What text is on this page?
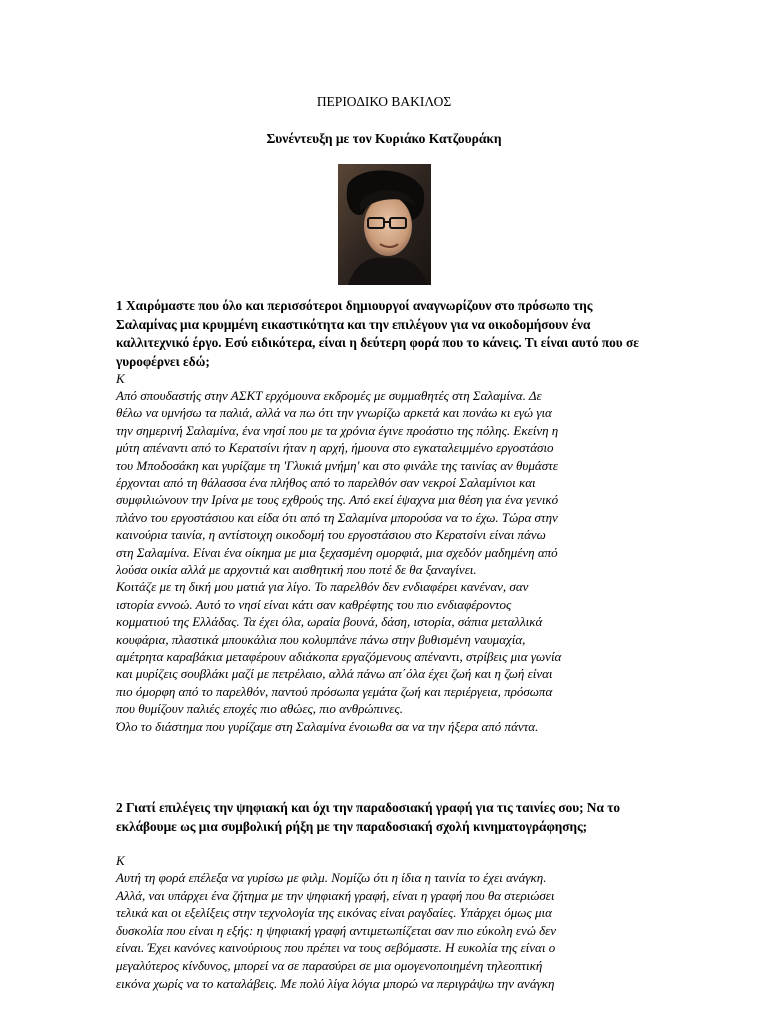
ΠΕΡΙΟΔΙΚΟ ΒΑΚΙΛΟΣ
Συνέντευξη με τον Κυριάκο Κατζουράκη
1 Χαιρόμαστε που όλο και περισσότεροι δημιουργοί αναγνωρίζουν στο πρόσωπο της Σαλαμίνας μια κρυμμένη εικαστικότητα και την επιλέγουν για να οικοδομήσουν ένα καλλιτεχνικό έργο. Εσύ ειδικότερα, είναι η δεύτερη φορά που το κάνεις. Τι είναι αυτό που σε γυροφέρνει εδώ;
Κ
Από σπουδαστής στην ΑΣΚΤ ερχόμουνα εκδρομές με συμμαθητές στη Σαλαμίνα. Δε
θέλω να υμνήσω τα παλιά, αλλά να πω ότι την γνωρίζω αρκετά και πονάω κι εγώ για
την σημερινή Σαλαμίνα, ένα νησί που με τα χρόνια έγινε προάστιο της πόλης. Εκείνη η
μύτη απέναντι από το Κερατσίνι ήταν η αρχή, ήμουνα στο εγκαταλειμμένο εργοστάσιο
του Μποδοσάκη και γυρίζαμε τη 'Γλυκιά μνήμη' και στο φινάλε της ταινίας αν θυμάστε
έρχονται από τη θάλασσα ένα πλήθος από το παρελθόν σαν νεκροί Σαλαμίνιοι και
συμφιλιώνουν την Ιρίνα με τους εχθρούς της. Από εκεί έψαχνα μια θέση για ένα γενικό
πλάνο του εργοστάσιου και είδα ότι από τη Σαλαμίνα μπορούσα να το έχω. Τώρα στην
καινούρια ταινία, η αντίστοιχη οικοδομή του εργοστάσιου στο Κερατσίνι είναι πάνω
στη Σαλαμίνα. Είναι ένα οίκημα με μια ξεχασμένη ομορφιά, μια σχεδόν μαδημένη από
λούσα οικία αλλά με αρχοντιά και αισθητική που ποτέ δε θα ξαναγίνει.
Κοιτάζε με τη δική μου ματιά για λίγο. Το παρελθόν δεν ενδιαφέρει κανέναν, σαν
ιστορία εννοώ. Αυτό το νησί είναι κάτι σαν καθρέφτης του πιο ενδιαφέροντος
κομματιού της Ελλάδας. Τα έχει όλα, ωραία βουνά, δάση, ιστορία, σάπια μεταλλικά
κουφάρια, πλαστικά μπουκάλια που κολυμπάνε πάνω στην βυθισμένη ναυμαχία,
αμέτρητα καραβάκια μεταφέρουν αδιάκοπα εργαζόμενους απέναντι, στρίβεις μια γωνία
και μυρίζεις σουβλάκι μαζί με πετρέλαιο, αλλά πάνω απ΄όλα έχει ζωή και η ζωή είναι
πιο όμορφη από το παρελθόν, παντού πρόσωπα γεμάτα ζωή και περιέργεια, πρόσωπα
που θυμίζουν παλιές εποχές πιο αθώες, πιο ανθρώπινες.
Όλο το διάστημα που γυρίζαμε στη Σαλαμίνα ένοιωθα σα να την ήξερα από πάντα.
2 Γιατί επιλέγεις την ψηφιακή και όχι την παραδοσιακή γραφή για τις ταινίες σου; Να το εκλάβουμε ως μια συμβολική ρήξη με την παραδοσιακή σχολή κινηματογράφησης;
Κ
Αυτή τη φορά επέλεξα να γυρίσω με φιλμ. Νομίζω ότι η ίδια η ταινία το έχει ανάγκη.
Αλλά, ναι υπάρχει ένα ζήτημα με την ψηφιακή γραφή, είναι η γραφή που θα στεριώσει
τελικά και οι εξελίξεις στην τεχνολογία της εικόνας είναι ραγδαίες. Υπάρχει όμως μια
δυσκολία που είναι η εξής: η ψηφιακή γραφή αντιμετωπίζεται σαν πιο εύκολη ενώ δεν
είναι. Έχει κανόνες καινούριους που πρέπει να τους σεβόμαστε. Η ευκολία της είναι ο
μεγαλύτερος κίνδυνος, μπορεί να σε παρασύρει σε μια ομογενοποιημένη τηλεοπτική
εικόνα χωρίς να το καταλάβεις. Με πολύ λίγα λόγια μπορώ να περιγράψω την ανάγκη
